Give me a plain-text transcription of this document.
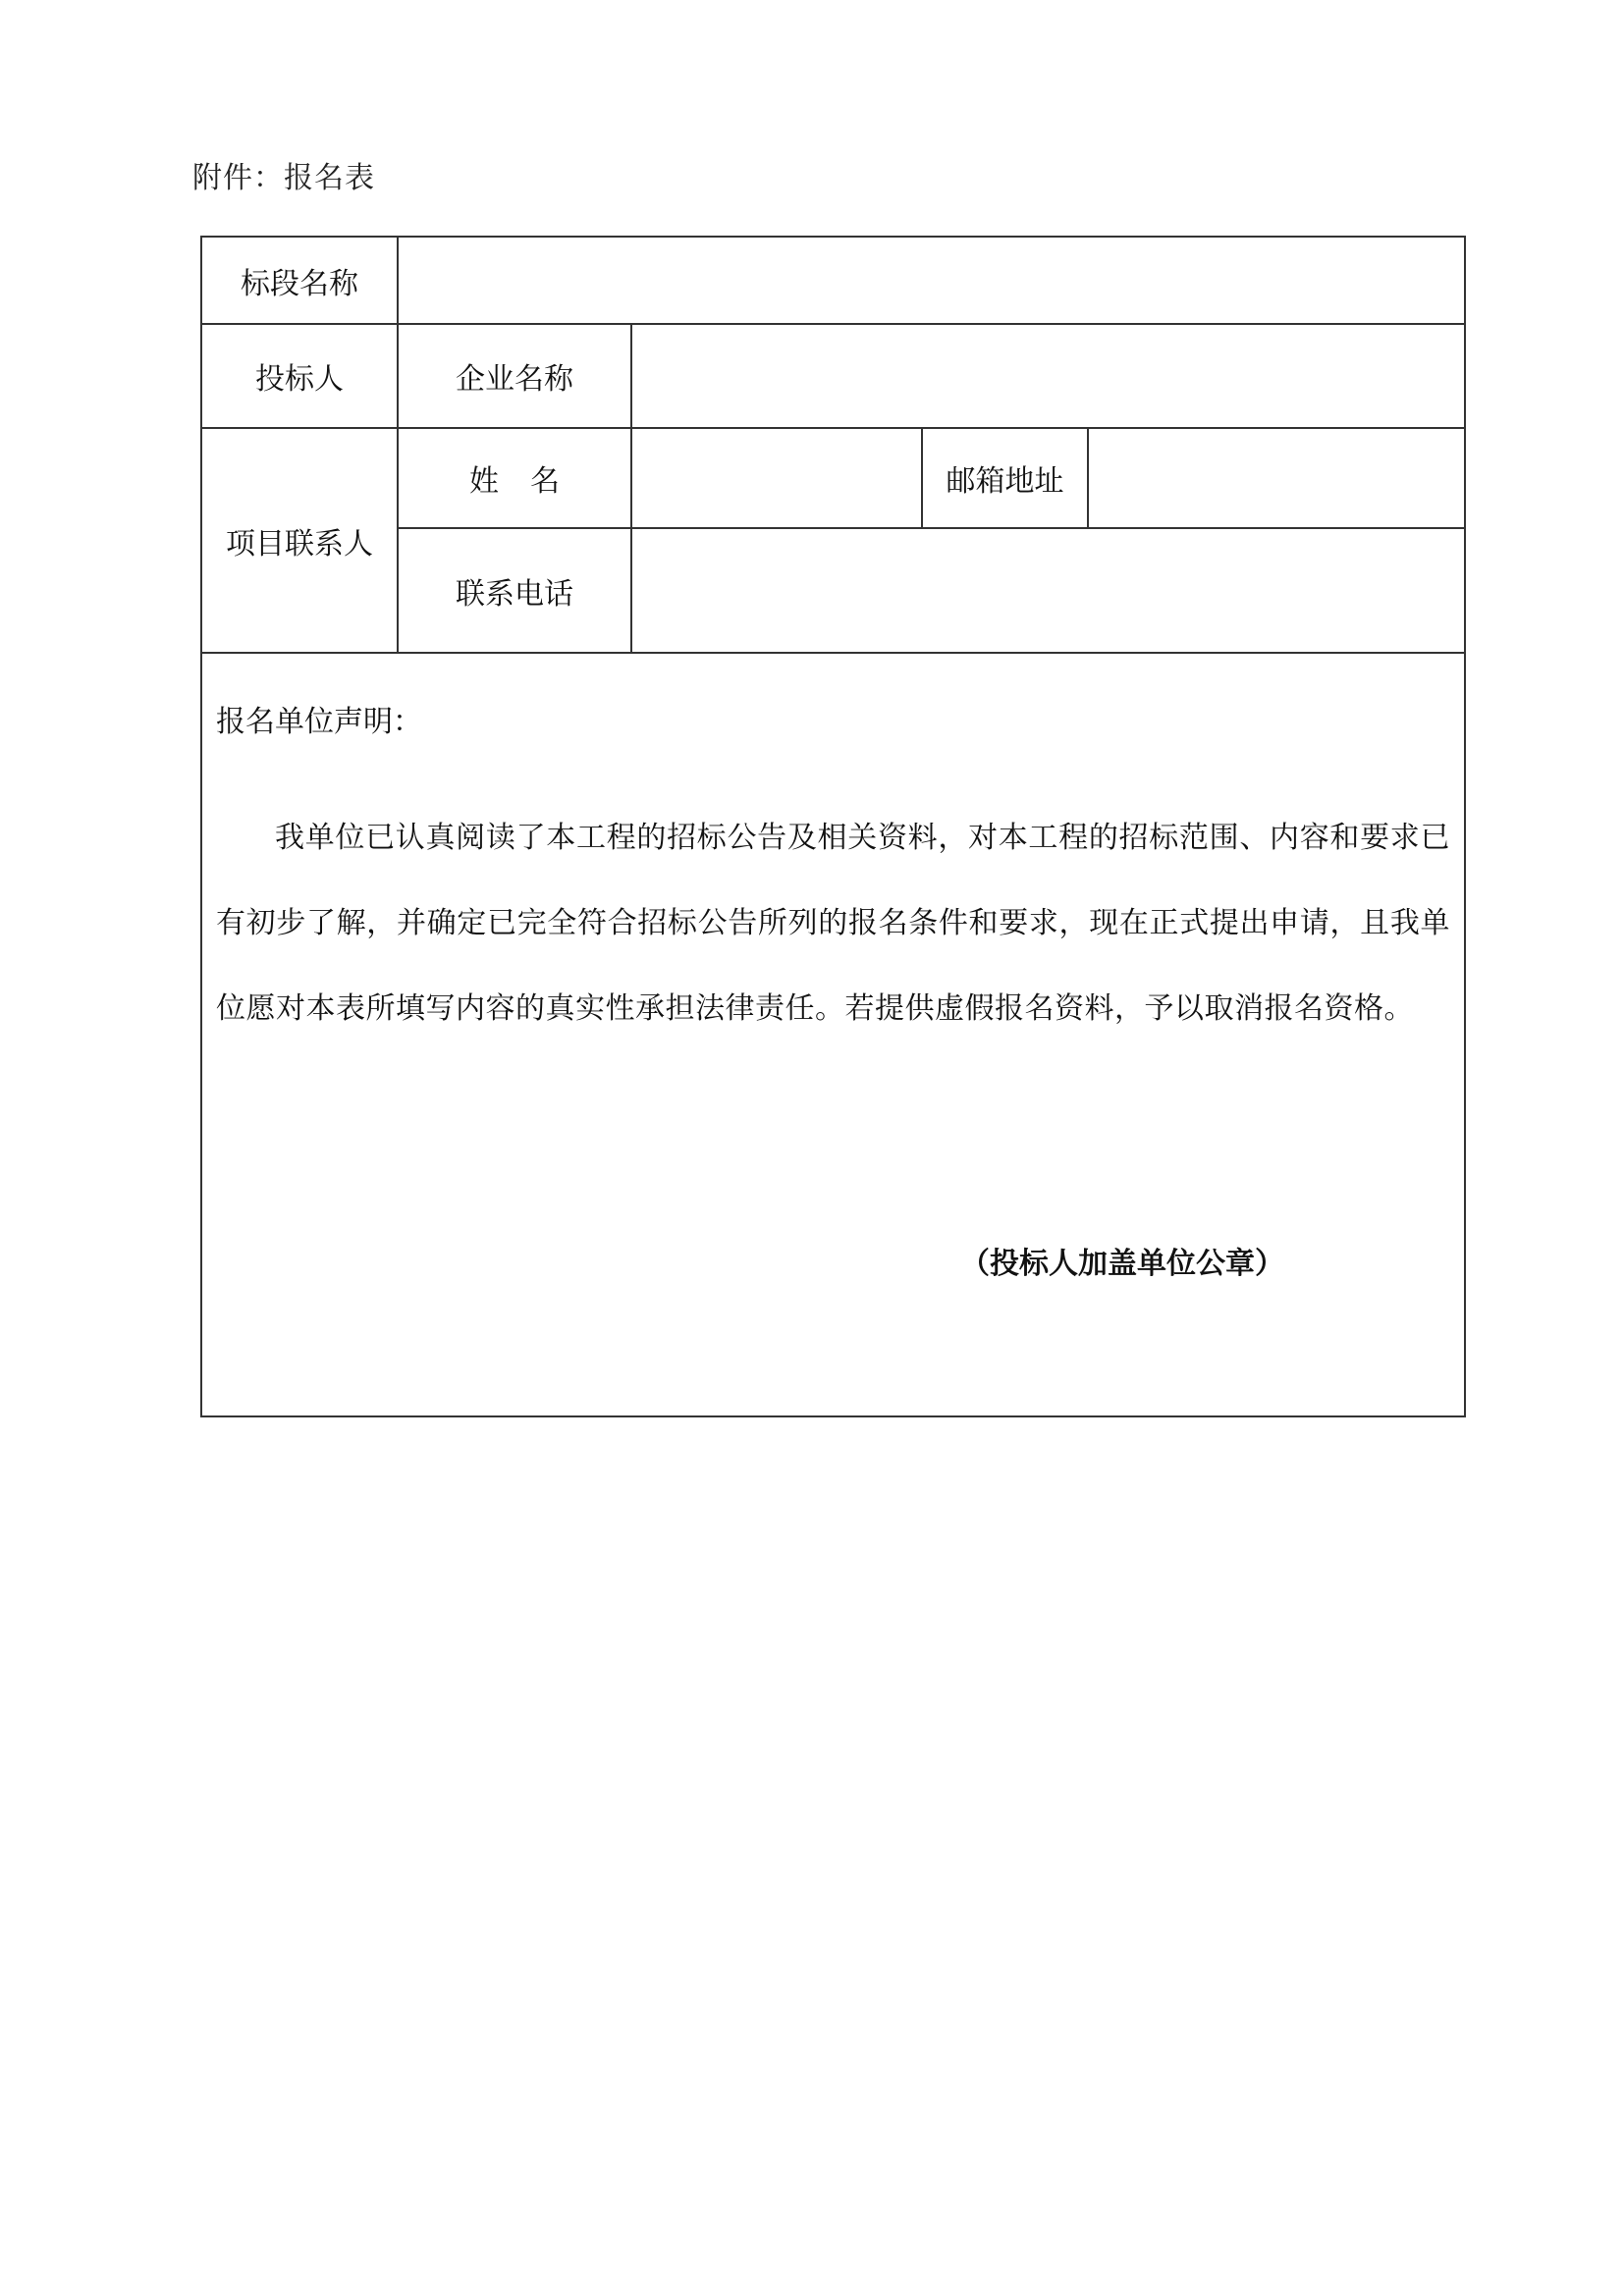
附件：报名表
标段名称				
投标人	企业名称			
项目联系人	姓名		邮箱地址	
	联系电话			

报名单位声明：
我单位已认真阅读了本工程的招标公告及相关资料，对本工程的招标范围、内容和要求已有初步了解，并确定已完全符合招标公告所列的报名条件和要求，现在正式提出申请，且我单位愿对本表所填写内容的真实性承担法律责任。若提供虚假报名资料，予以取消报名资格。
（投标人加盖单位公章）				
